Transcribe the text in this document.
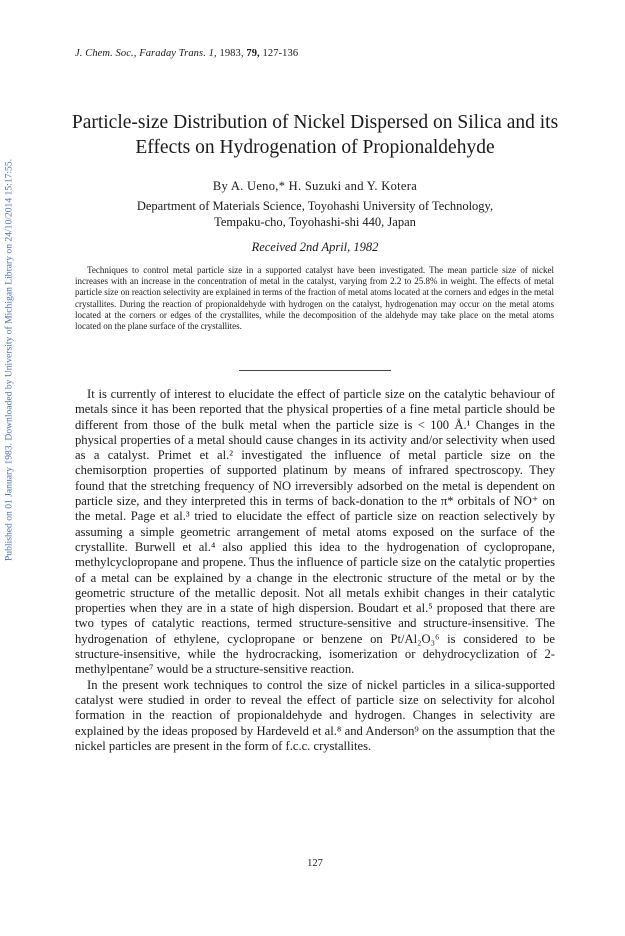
Published on 01 January 1983. Downloaded by University of Michigan Library on 24/10/2014 15:17:55.
J. Chem. Soc., Faraday Trans. 1, 1983, 79, 127-136
Particle-size Distribution of Nickel Dispersed on Silica and its Effects on Hydrogenation of Propionaldehyde
By A. Ueno,* H. Suzuki and Y. Kotera
Department of Materials Science, Toyohashi University of Technology,
Tempaku-cho, Toyohashi-shi 440, Japan
Received 2nd April, 1982
Techniques to control metal particle size in a supported catalyst have been investigated. The mean particle size of nickel increases with an increase in the concentration of metal in the catalyst, varying from 2.2 to 25.8% in weight. The effects of metal particle size on reaction selectivity are explained in terms of the fraction of metal atoms located at the corners and edges in the metal crystallites. During the reaction of propionaldehyde with hydrogen on the catalyst, hydrogenation may occur on the metal atoms located at the corners or edges of the crystallites, while the decomposition of the aldehyde may take place on the metal atoms located on the plane surface of the crystallites.

It is currently of interest to elucidate the effect of particle size on the catalytic behaviour of metals since it has been reported that the physical properties of a fine metal particle should be different from those of the bulk metal when the particle size is < 100 Å.¹ Changes in the physical properties of a metal should cause changes in its activity and/or selectivity when used as a catalyst. Primet et al.² investigated the influence of metal particle size on the chemisorption properties of supported platinum by means of infrared spectroscopy. They found that the stretching frequency of NO irreversibly adsorbed on the metal is dependent on particle size, and they interpreted this in terms of back-donation to the π* orbitals of NO⁺ on the metal. Page et al.³ tried to elucidate the effect of particle size on reaction selectively by assuming a simple geometric arrangement of metal atoms exposed on the surface of the crystallite. Burwell et al.⁴ also applied this idea to the hydrogenation of cyclopropane, methylcyclopropane and propene. Thus the influence of particle size on the catalytic properties of a metal can be explained by a change in the electronic structure of the metal or by the geometric structure of the metallic deposit. Not all metals exhibit changes in their catalytic properties when they are in a state of high dispersion. Boudart et al.⁵ proposed that there are two types of catalytic reactions, termed structure-sensitive and structure-insensitive. The hydrogenation of ethylene, cyclopropane or benzene on Pt/Al₂O₃⁶ is considered to be structure-insensitive, while the hydrocracking, isomerization or dehydrocyclization of 2-methylpentane⁷ would be a structure-sensitive reaction.

In the present work techniques to control the size of nickel particles in a silica-supported catalyst were studied in order to reveal the effect of particle size on selectivity for alcohol formation in the reaction of propionaldehyde and hydrogen. Changes in selectivity are explained by the ideas proposed by Hardeveld et al.⁸ and Anderson⁹ on the assumption that the nickel particles are present in the form of f.c.c. crystallites.

127
